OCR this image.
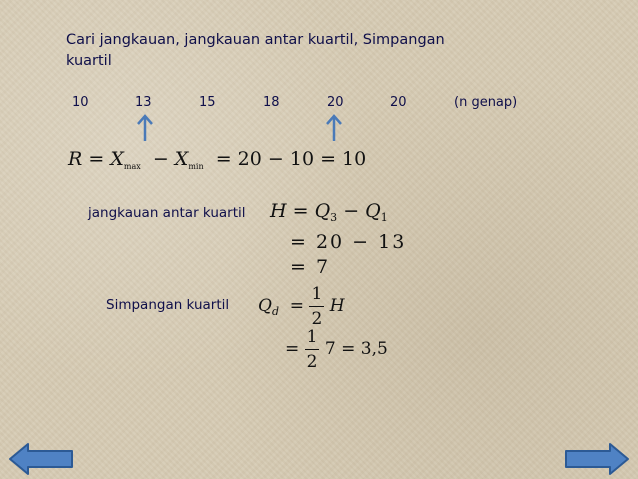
Cari jangkauan, jangkauan antar kuartil, Simpangan kuartil
10	13	15	18	20	20	(n genap)
$R = X_{max} - X_{min} = 20 - 10 = 10$
jangkauan antar kuartil $H = Q_3 - Q_1$
= 20 − 13
= 7
Simpangan kuartil $Q_d = \frac{1}{2}$ H
= $\frac{1}{2} 7 = 3,5$
